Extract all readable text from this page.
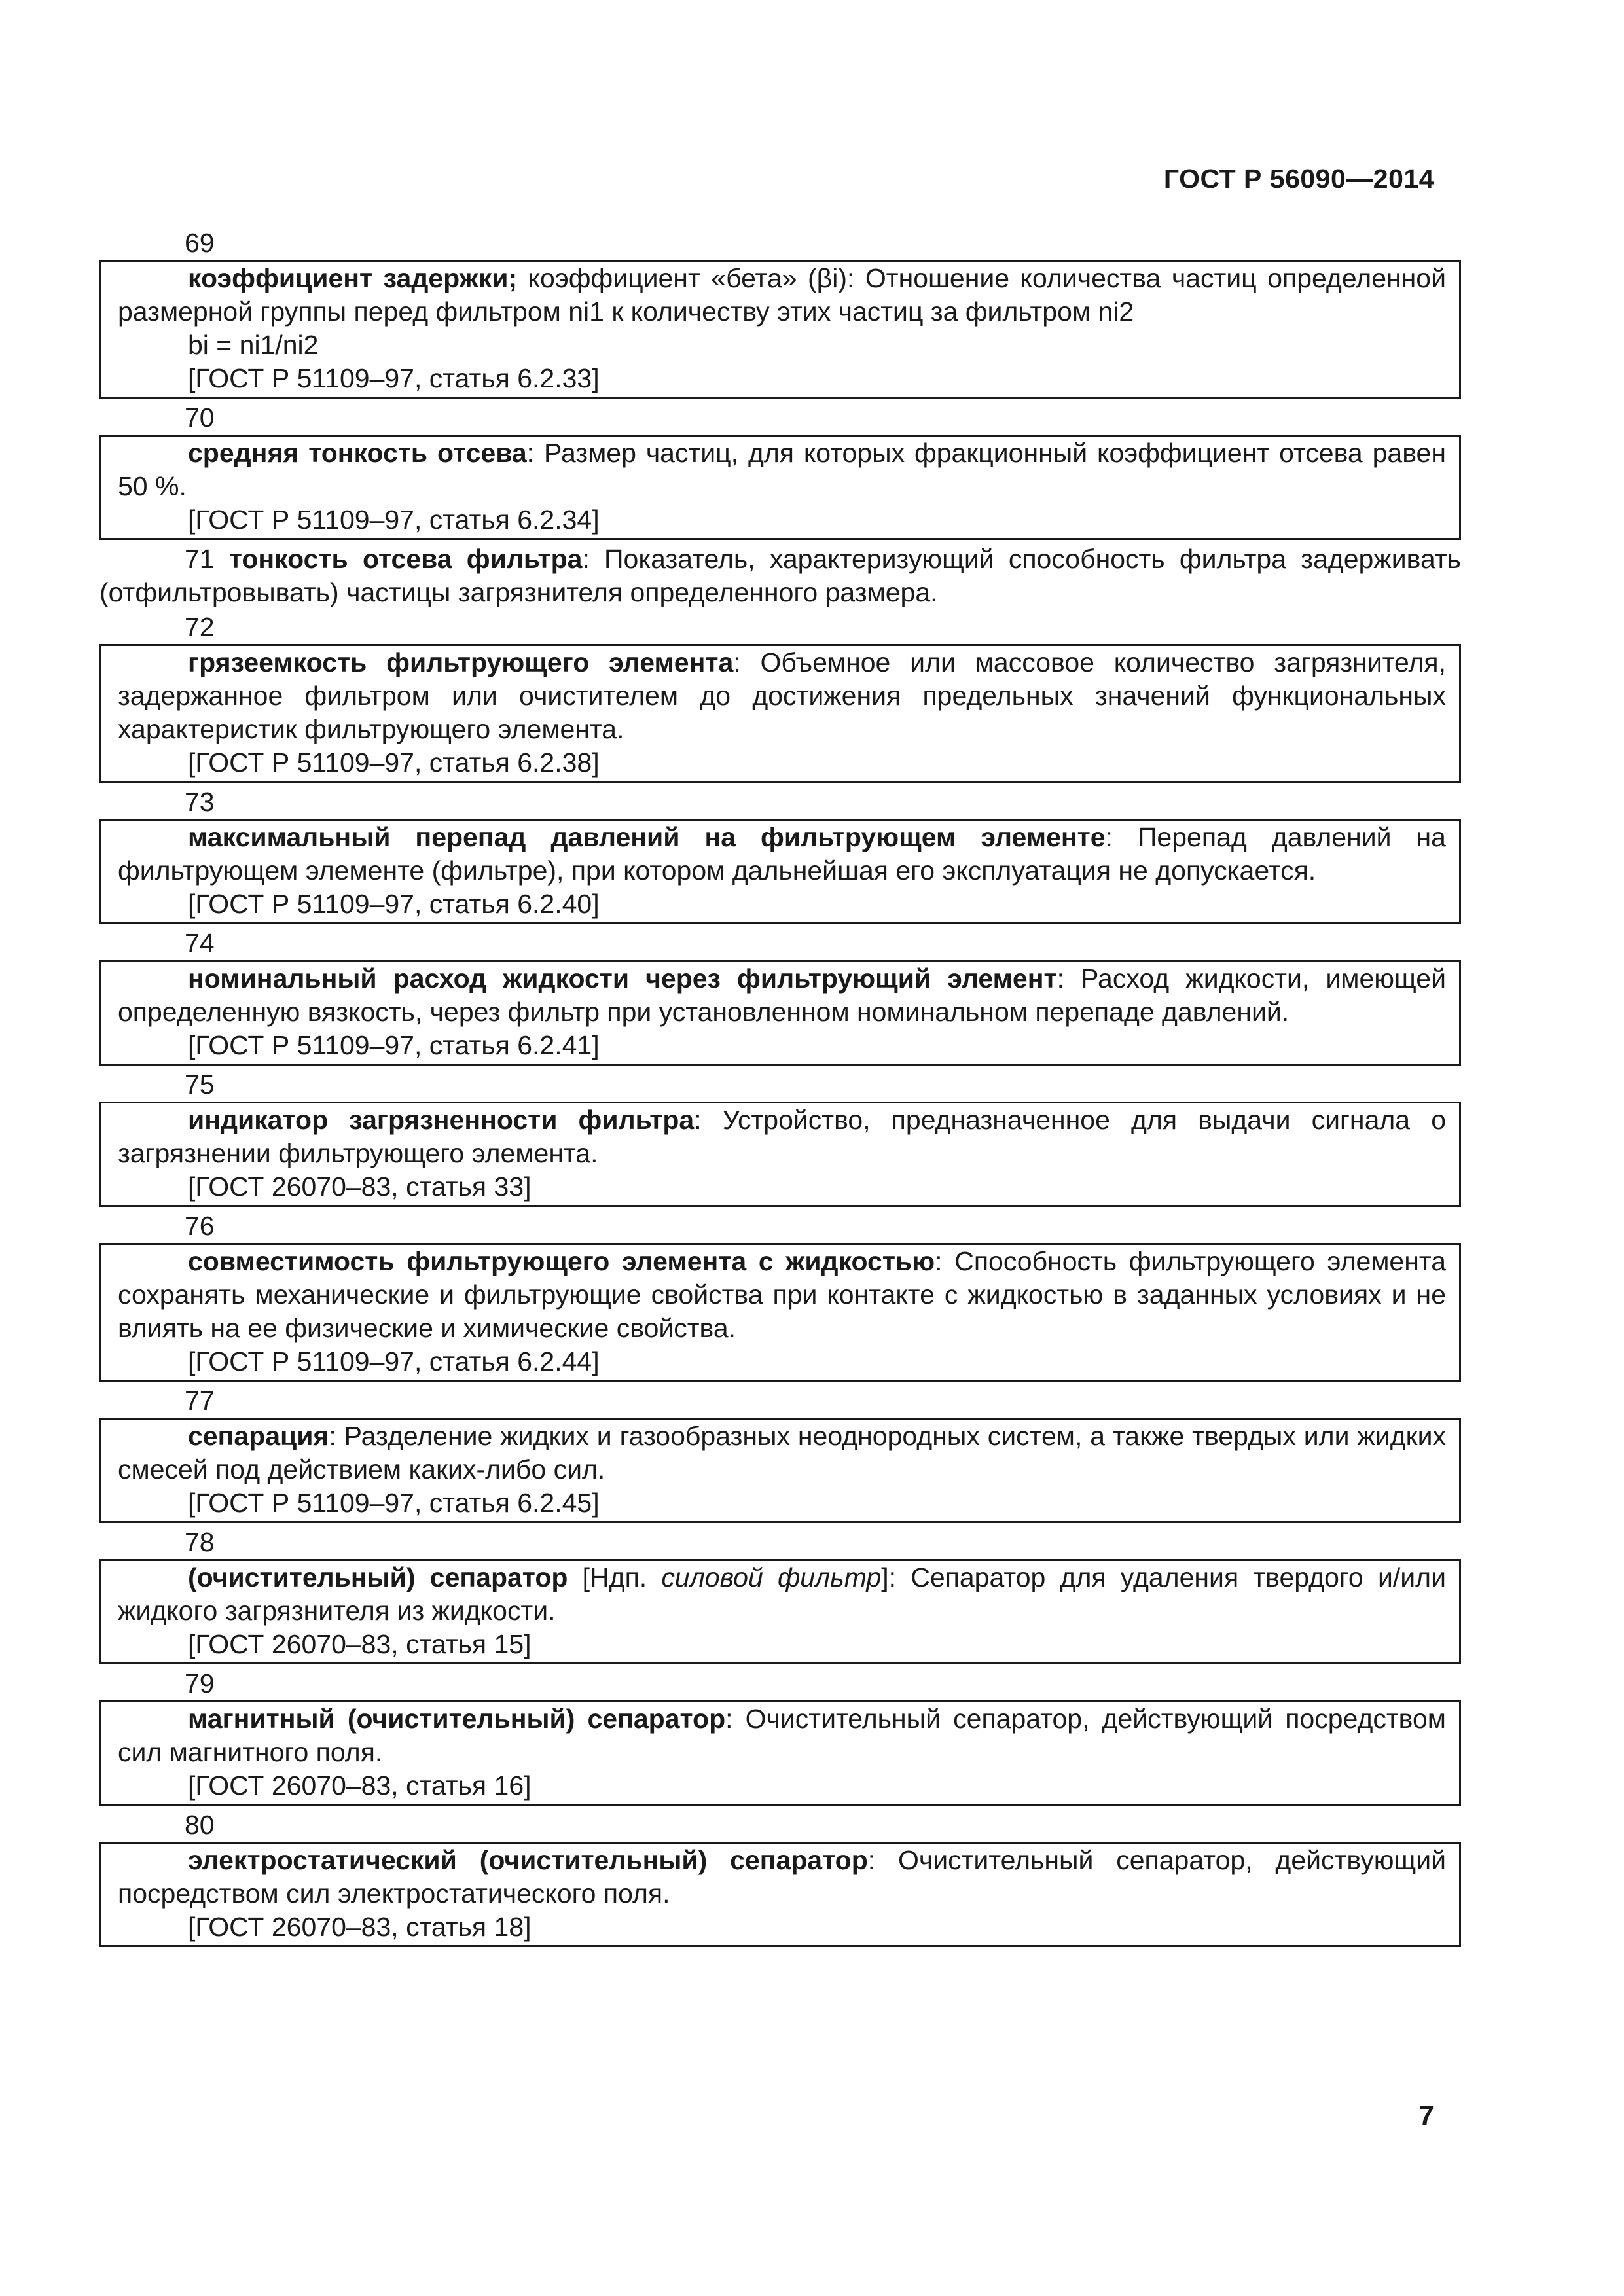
ГОСТ Р 56090—2014
69
коэффициент задержки; коэффициент «бета» (βi): Отношение количества частиц определенной размерной группы перед фильтром ni1 к количеству этих частиц за фильтром ni2
bi = ni1/ni2
[ГОСТ Р 51109–97, статья 6.2.33]
70
средняя тонкость отсева: Размер частиц, для которых фракционный коэффициент отсева равен 50 %.
[ГОСТ Р 51109–97, статья 6.2.34]
71 тонкость отсева фильтра: Показатель, характеризующий способность фильтра задерживать (отфильтровывать) частицы загрязнителя определенного размера.
72
грязеемкость фильтрующего элемента: Объемное или массовое количество загрязнителя, задержанное фильтром или очистителем до достижения предельных значений функциональных характеристик фильтрующего элемента.
[ГОСТ Р 51109–97, статья 6.2.38]
73
максимальный перепад давлений на фильтрующем элементе: Перепад давлений на фильтрующем элементе (фильтре), при котором дальнейшая его эксплуатация не допускается.
[ГОСТ Р 51109–97, статья 6.2.40]
74
номинальный расход жидкости через фильтрующий элемент: Расход жидкости, имеющей определенную вязкость, через фильтр при установленном номинальном перепаде давлений.
[ГОСТ Р 51109–97, статья 6.2.41]
75
индикатор загрязненности фильтра: Устройство, предназначенное для выдачи сигнала о загрязнении фильтрующего элемента.
[ГОСТ 26070–83, статья 33]
76
совместимость фильтрующего элемента с жидкостью: Способность фильтрующего элемента сохранять механические и фильтрующие свойства при контакте с жидкостью в заданных условиях и не влиять на ее физические и химические свойства.
[ГОСТ Р 51109–97, статья 6.2.44]
77
сепарация: Разделение жидких и газообразных неоднородных систем, а также твердых или жидких смесей под действием каких-либо сил.
[ГОСТ Р 51109–97, статья 6.2.45]
78
(очистительный) сепаратор [Ндп. силовой фильтр]: Сепаратор для удаления твердого и/или жидкого загрязнителя из жидкости.
[ГОСТ 26070–83, статья 15]
79
магнитный (очистительный) сепаратор: Очистительный сепаратор, действующий посредством сил магнитного поля.
[ГОСТ 26070–83, статья 16]
80
электростатический (очистительный) сепаратор: Очистительный сепаратор, действующий посредством сил электростатического поля.
[ГОСТ 26070–83, статья 18]
7
